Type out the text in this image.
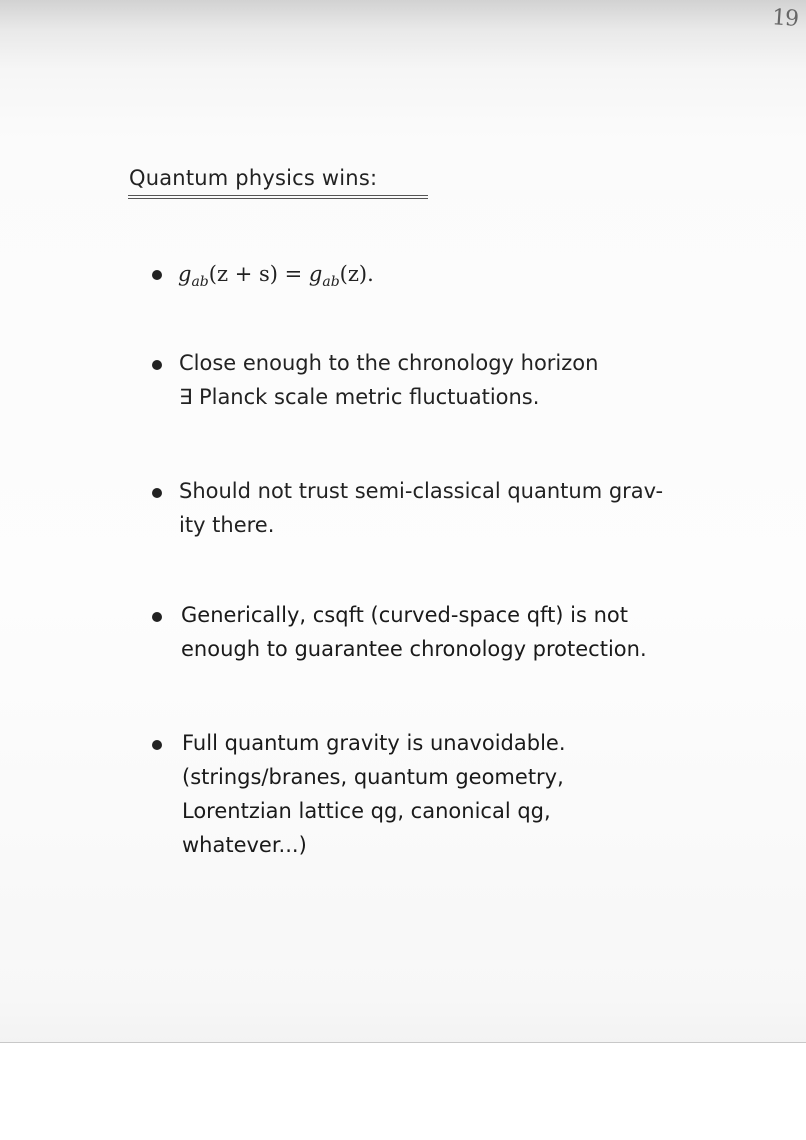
19
Quantum physics wins:
$g_{ab}(z + s) = g_{ab}(z)$.
Close enough to the chronology horizon
∃ Planck scale metric fluctuations.
Should not trust semi-classical quantum grav-
ity there.
Generically, csqft (curved-space qft) is not
enough to guarantee chronology protection.
Full quantum gravity is unavoidable.
(strings/branes, quantum geometry,
Lorentzian lattice qg, canonical qg,
whatever...)
